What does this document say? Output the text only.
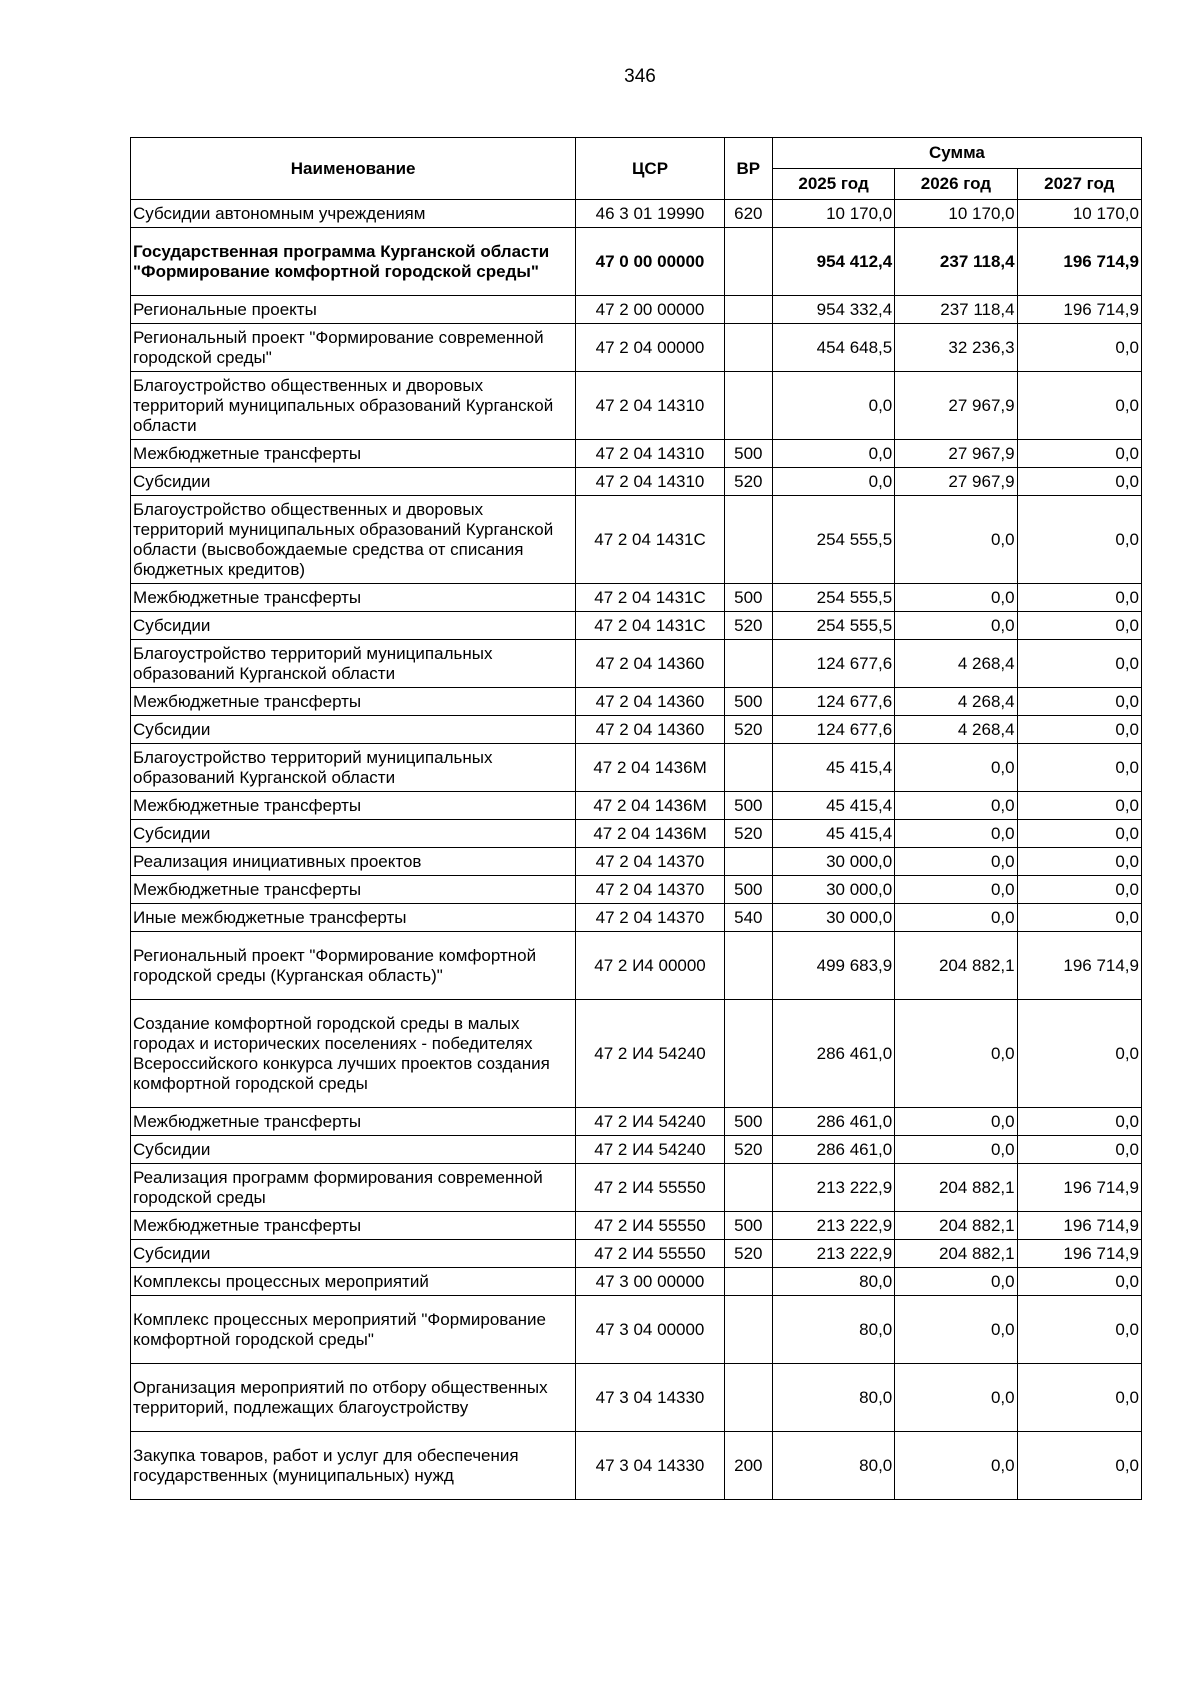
346
Наименование	ЦСР	ВР	Сумма		
			2025 год	2026 год	2027 год
Субсидии автономным учреждениям	46 3 01 19990	620	10 170,0	10 170,0	10 170,0
Государственная программа Курганской области "Формирование комфортной городской среды"	47 0 00 00000		954 412,4	237 118,4	196 714,9
Региональные проекты	47 2 00 00000		954 332,4	237 118,4	196 714,9
Региональный проект "Формирование современной городской среды"	47 2 04 00000		454 648,5	32 236,3	0,0
Благоустройство общественных и дворовых территорий муниципальных образований Курганской области	47 2 04 14310		0,0	27 967,9	0,0
Межбюджетные трансферты	47 2 04 14310	500	0,0	27 967,9	0,0
Субсидии	47 2 04 14310	520	0,0	27 967,9	0,0
Благоустройство общественных и дворовых территорий муниципальных образований Курганской области (высвобождаемые средства от списания бюджетных кредитов)	47 2 04 1431С		254 555,5	0,0	0,0
Межбюджетные трансферты	47 2 04 1431С	500	254 555,5	0,0	0,0
Субсидии	47 2 04 1431С	520	254 555,5	0,0	0,0
Благоустройство территорий муниципальных образований Курганской области	47 2 04 14360		124 677,6	4 268,4	0,0
Межбюджетные трансферты	47 2 04 14360	500	124 677,6	4 268,4	0,0
Субсидии	47 2 04 14360	520	124 677,6	4 268,4	0,0
Благоустройство территорий муниципальных образований Курганской области	47 2 04 1436М		45 415,4	0,0	0,0
Межбюджетные трансферты	47 2 04 1436М	500	45 415,4	0,0	0,0
Субсидии	47 2 04 1436М	520	45 415,4	0,0	0,0
Реализация инициативных проектов	47 2 04 14370		30 000,0	0,0	0,0
Межбюджетные трансферты	47 2 04 14370	500	30 000,0	0,0	0,0
Иные межбюджетные трансферты	47 2 04 14370	540	30 000,0	0,0	0,0
Региональный проект "Формирование комфортной городской среды (Курганская область)"	47 2 И4 00000		499 683,9	204 882,1	196 714,9
Создание комфортной городской среды в малых городах и исторических поселениях - победителях Всероссийского конкурса лучших проектов создания комфортной городской среды	47 2 И4 54240		286 461,0	0,0	0,0
Межбюджетные трансферты	47 2 И4 54240	500	286 461,0	0,0	0,0
Субсидии	47 2 И4 54240	520	286 461,0	0,0	0,0
Реализация программ формирования современной городской среды	47 2 И4 55550		213 222,9	204 882,1	196 714,9
Межбюджетные трансферты	47 2 И4 55550	500	213 222,9	204 882,1	196 714,9
Субсидии	47 2 И4 55550	520	213 222,9	204 882,1	196 714,9
Комплексы процессных мероприятий	47 3 00 00000		80,0	0,0	0,0
Комплекс процессных мероприятий "Формирование комфортной городской среды"	47 3 04 00000		80,0	0,0	0,0
Организация мероприятий по отбору общественных территорий, подлежащих благоустройству	47 3 04 14330		80,0	0,0	0,0
Закупка товаров, работ и услуг для обеспечения государственных (муниципальных) нужд	47 3 04 14330	200	80,0	0,0	0,0
